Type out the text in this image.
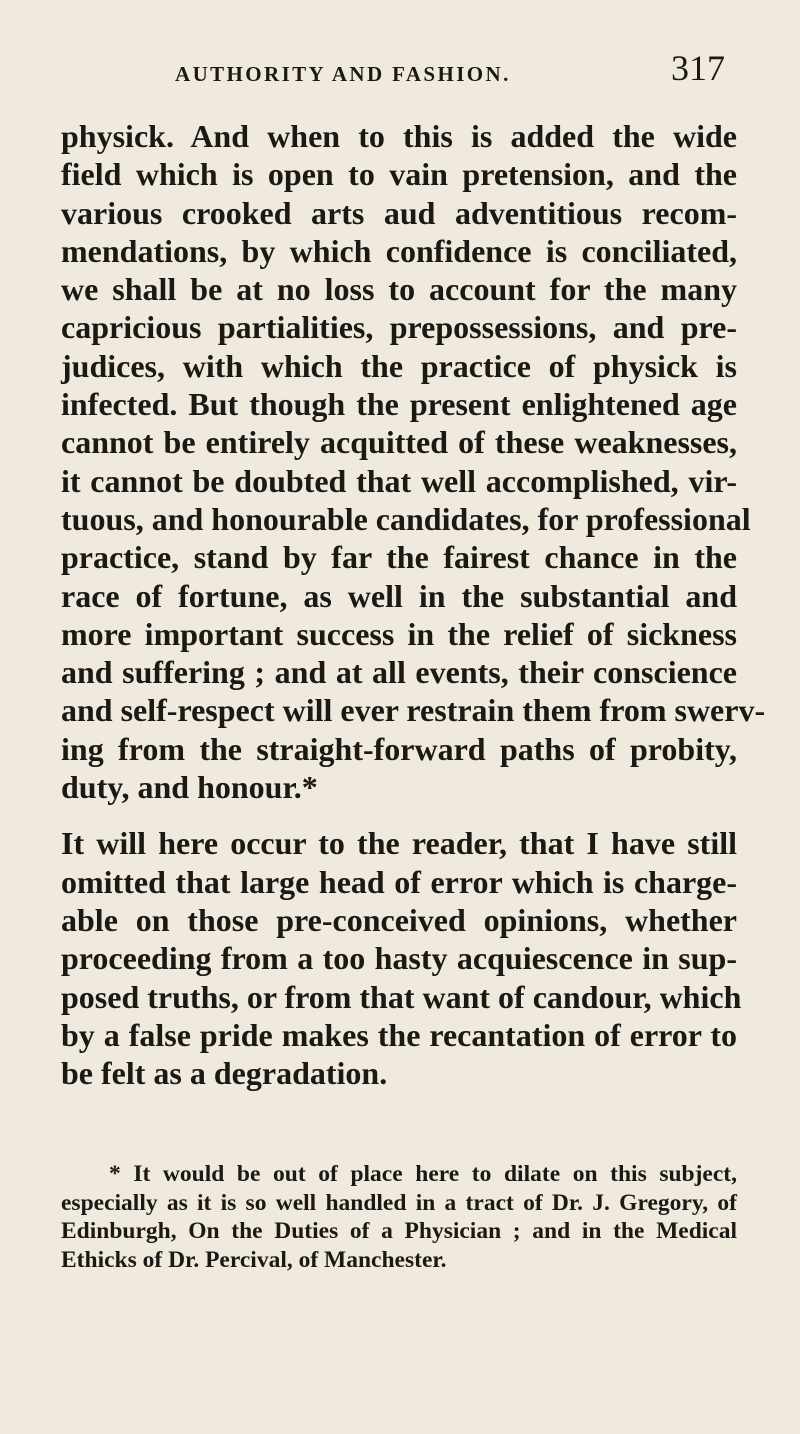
AUTHORITY AND FASHION.	317
physick. And when to this is added the wide
field which is open to vain pretension, and the
various crooked arts aud adventitious recom-
mendations, by which confidence is conciliated,
we shall be at no loss to account for the many
capricious partialities, prepossessions, and pre-
judices, with which the practice of physick is
infected. But though the present enlightened age
cannot be entirely acquitted of these weaknesses,
it cannot be doubted that well accomplished, vir-
tuous, and honourable candidates, for professional
practice, stand by far the fairest chance in the
race of fortune, as well in the substantial and
more important success in the relief of sickness
and suffering ; and at all events, their conscience
and self-respect will ever restrain them from swerv-
ing from the straight-forward paths of probity,
duty, and honour.*
It will here occur to the reader, that I have still
omitted that large head of error which is charge-
able on those pre-conceived opinions, whether
proceeding from a too hasty acquiescence in sup-
posed truths, or from that want of candour, which
by a false pride makes the recantation of error to
be felt as a degradation.
* It would be out of place here to dilate on this subject,
especially as it is so well handled in a tract of Dr. J. Gregory, of
Edinburgh, On the Duties of a Physician ; and in the Medical
Ethicks of Dr. Percival, of Manchester.
